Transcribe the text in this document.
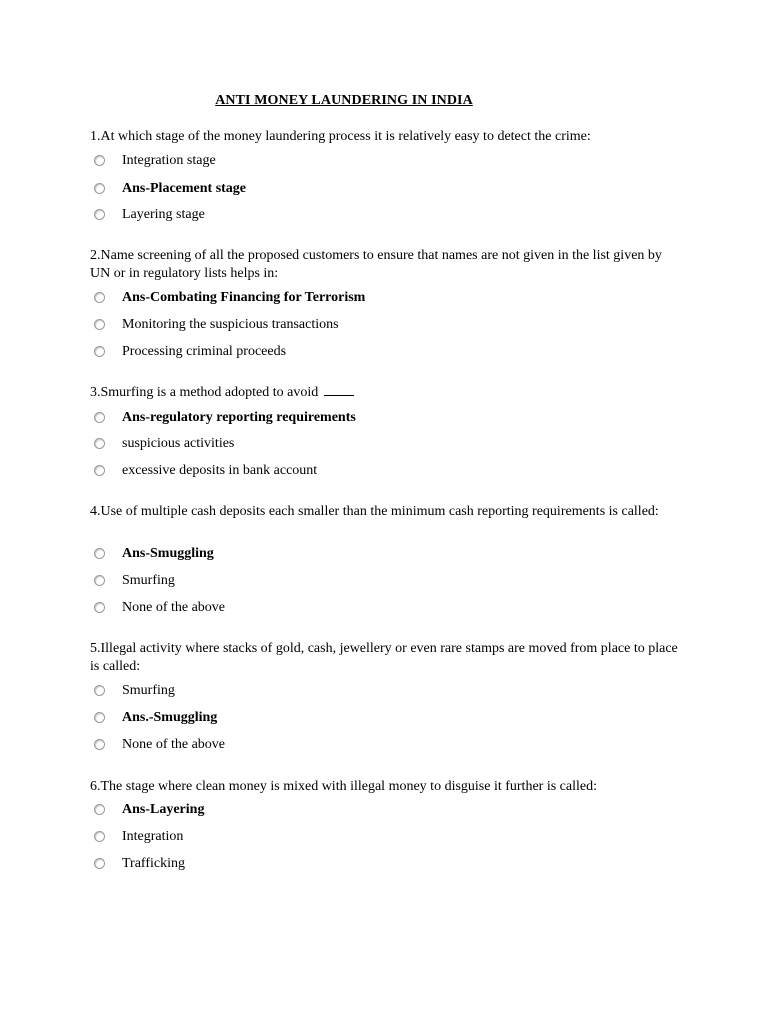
ANTI MONEY LAUNDERING IN INDIA
1.At which stage of the money laundering process it is relatively easy to detect the crime:
Integration stage
Ans-Placement stage
Layering stage
2.Name screening of all the proposed customers to ensure that names are not given in the list given by UN or in regulatory lists helps in:
Ans-Combating Financing for Terrorism
Monitoring the suspicious transactions
Processing criminal proceeds
3.Smurfing is a method adopted to avoid
Ans-regulatory reporting requirements
suspicious activities
excessive deposits in bank account
4.Use of multiple cash deposits each smaller than the minimum cash reporting requirements is called:
Ans-Smuggling
Smurfing
None of the above
5.Illegal activity where stacks of gold, cash, jewellery or even rare stamps are moved from place to place is called:
Smurfing
Ans.-Smuggling
None of the above
6.The stage where clean money is mixed with illegal money to disguise it further is called:
Ans-Layering
Integration
Trafficking
